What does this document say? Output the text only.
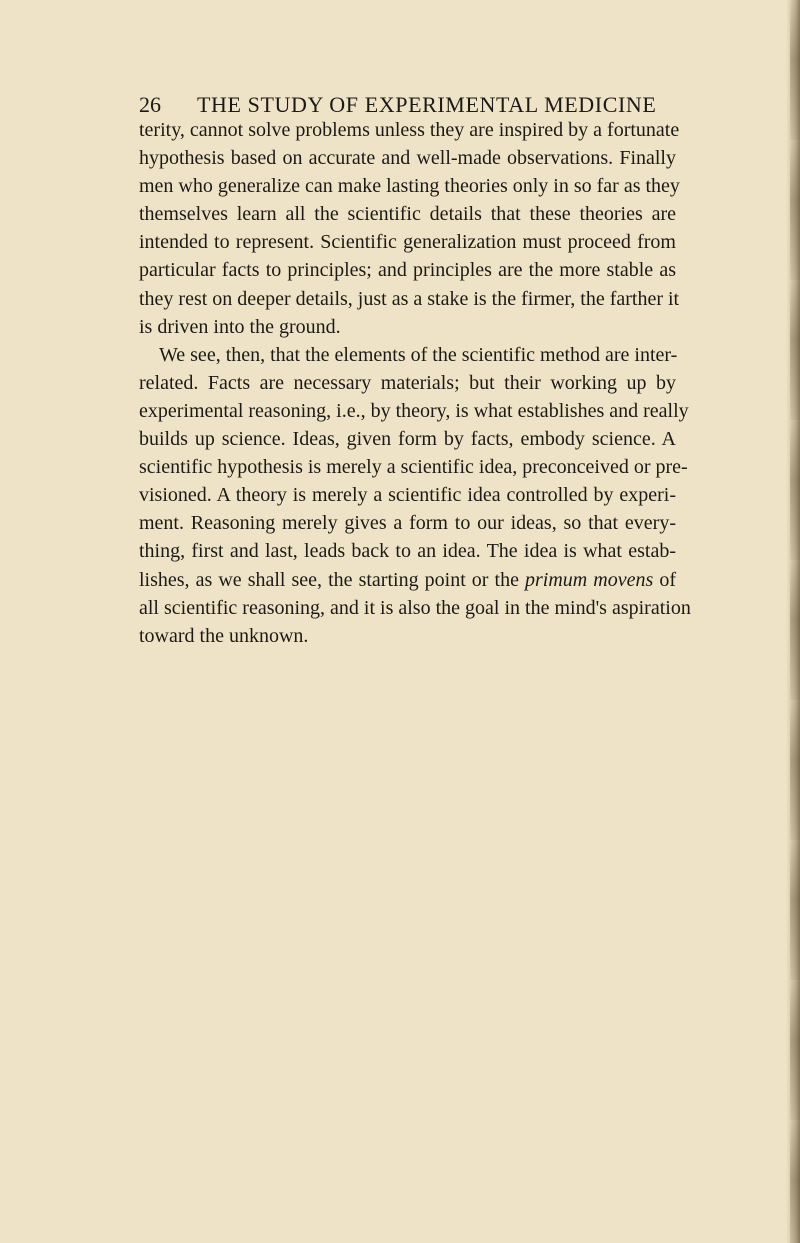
26 THE STUDY OF EXPERIMENTAL MEDICINE
terity, cannot solve problems unless they are inspired by a fortunate
hypothesis based on accurate and well-made observations. Finally
men who generalize can make lasting theories only in so far as they
themselves learn all the scientific details that these theories are
intended to represent. Scientific generalization must proceed from
particular facts to principles; and principles are the more stable as
they rest on deeper details, just as a stake is the firmer, the farther it
is driven into the ground.
We see, then, that the elements of the scientific method are inter-
related. Facts are necessary materials; but their working up by
experimental reasoning, i.e., by theory, is what establishes and really
builds up science. Ideas, given form by facts, embody science. A
scientific hypothesis is merely a scientific idea, preconceived or pre-
visioned. A theory is merely a scientific idea controlled by experi-
ment. Reasoning merely gives a form to our ideas, so that every-
thing, first and last, leads back to an idea. The idea is what estab-
lishes, as we shall see, the starting point or the primum movens of
all scientific reasoning, and it is also the goal in the mind's aspiration
toward the unknown.
